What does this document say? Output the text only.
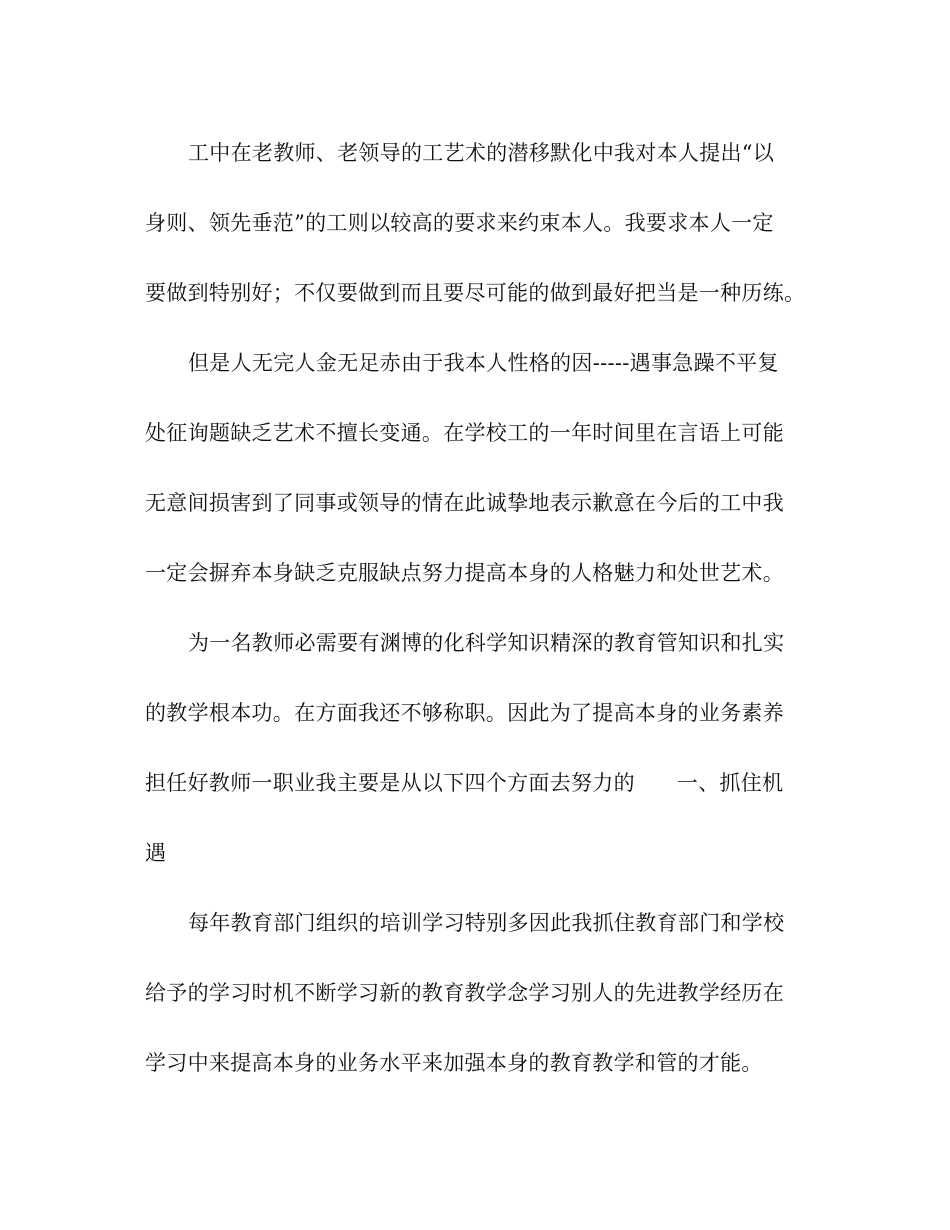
工中在老教师、老领导的工艺术的潜移默化中我对本人提出“以
身则、领先垂范”的工则以较高的要求来约束本人。我要求本人一定
要做到特别好；不仅要做到而且要尽可能的做到最好把当是一种历练。
但是人无完人金无足赤由于我本人性格的因-----遇事急躁不平复
处征询题缺乏艺术不擅长变通。在学校工的一年时间里在言语上可能
无意间损害到了同事或领导的情在此诚挚地表示歉意在今后的工中我
一定会摒弃本身缺乏克服缺点努力提高本身的人格魅力和处世艺术。
为一名教师必需要有渊博的化科学知识精深的教育管知识和扎实
的教学根本功。在方面我还不够称职。因此为了提高本身的业务素养
担任好教师一职业我主要是从以下四个方面去努力的 一、抓住机
遇
每年教育部门组织的培训学习特别多因此我抓住教育部门和学校
给予的学习时机不断学习新的教育教学念学习别人的先进教学经历在
学习中来提高本身的业务水平来加强本身的教育教学和管的才能。
